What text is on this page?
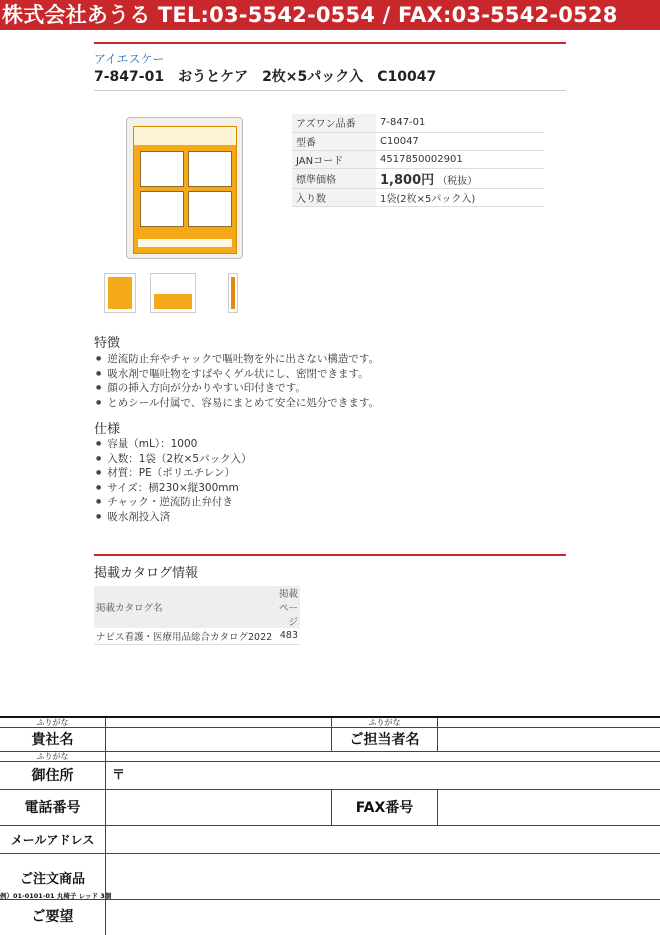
株式会社あうる TEL:03-5542-0554 / FAX:03-5542-0528
アイエスケー
7-847-01　おうとケア　2枚×5パック入　C10047
アズワン品番	7-847-01
型番	C10047
JANコード	4517850002901
標準価格	1,800円 （税抜）
入り数	1袋(2枚×5パック入)
特徴
● 逆流防止弁やチャックで嘔吐物を外に出さない構造です。
● 吸水剤で嘔吐物をすばやくゲル状にし、密閉できます。
● 顔の挿入方向が分かりやすい印付きです。
● とめシール付属で、容易にまとめて安全に処分できます。
仕様
● 容量（mL）：1000
● 入数：1袋（2枚×5パック入）
● 材質：PE（ポリエチレン）
● サイズ：横230×縦300mm
● チャック・逆流防止弁付き
● 吸水剤投入済
掲載カタログ情報
掲載カタログ名	掲載ページ
ナビス看護・医療用品総合カタログ2022	483
ふりがな	ふりがな
貴社名	ご担当者名
ふりがな
御住所	〒
電話番号	FAX番号
メールアドレス
ご注文商品
例）01-0101-01 丸椅子 レッド 3個
ご要望
